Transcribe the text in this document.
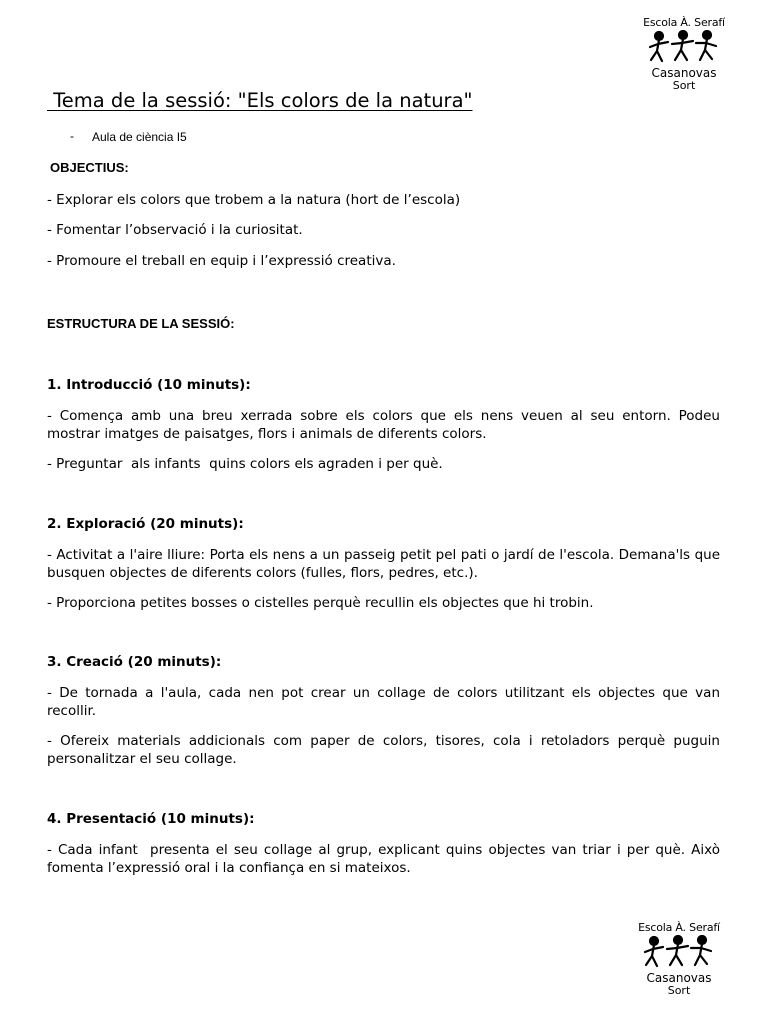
Escola À. Serafí
Casanovas
Sort
Tema de la sessió: "Els colors de la natura"
- Aula de ciència I5
OBJECTIUS:
- Explorar els colors que trobem a la natura (hort de l’escola)
- Fomentar l’observació i la curiositat.
- Promoure el treball en equip i l’expressió creativa.
ESTRUCTURA DE LA SESSIÓ:
1. Introducció (10 minuts):
- Comença amb una breu xerrada sobre els colors que els nens veuen al seu entorn. Podeu mostrar imatges de paisatges, flors i animals de diferents colors.
- Preguntar  als infants  quins colors els agraden i per què.
2. Exploració (20 minuts):
- Activitat a l'aire lliure: Porta els nens a un passeig petit pel pati o jardí de l'escola. Demana'ls que busquen objectes de diferents colors (fulles, flors, pedres, etc.).
- Proporciona petites bosses o cistelles perquè recullin els objectes que hi trobin.
3. Creació (20 minuts):
- De tornada a l'aula, cada nen pot crear un collage de colors utilitzant els objectes que van recollir.
- Ofereix materials addicionals com paper de colors, tisores, cola i retoladors perquè puguin personalitzar el seu collage.
4. Presentació (10 minuts):
- Cada infant  presenta el seu collage al grup, explicant quins objectes van triar i per què. Això fomenta l’expressió oral i la confiança en si mateixos.
Escola À. Serafí
Casanovas
Sort
